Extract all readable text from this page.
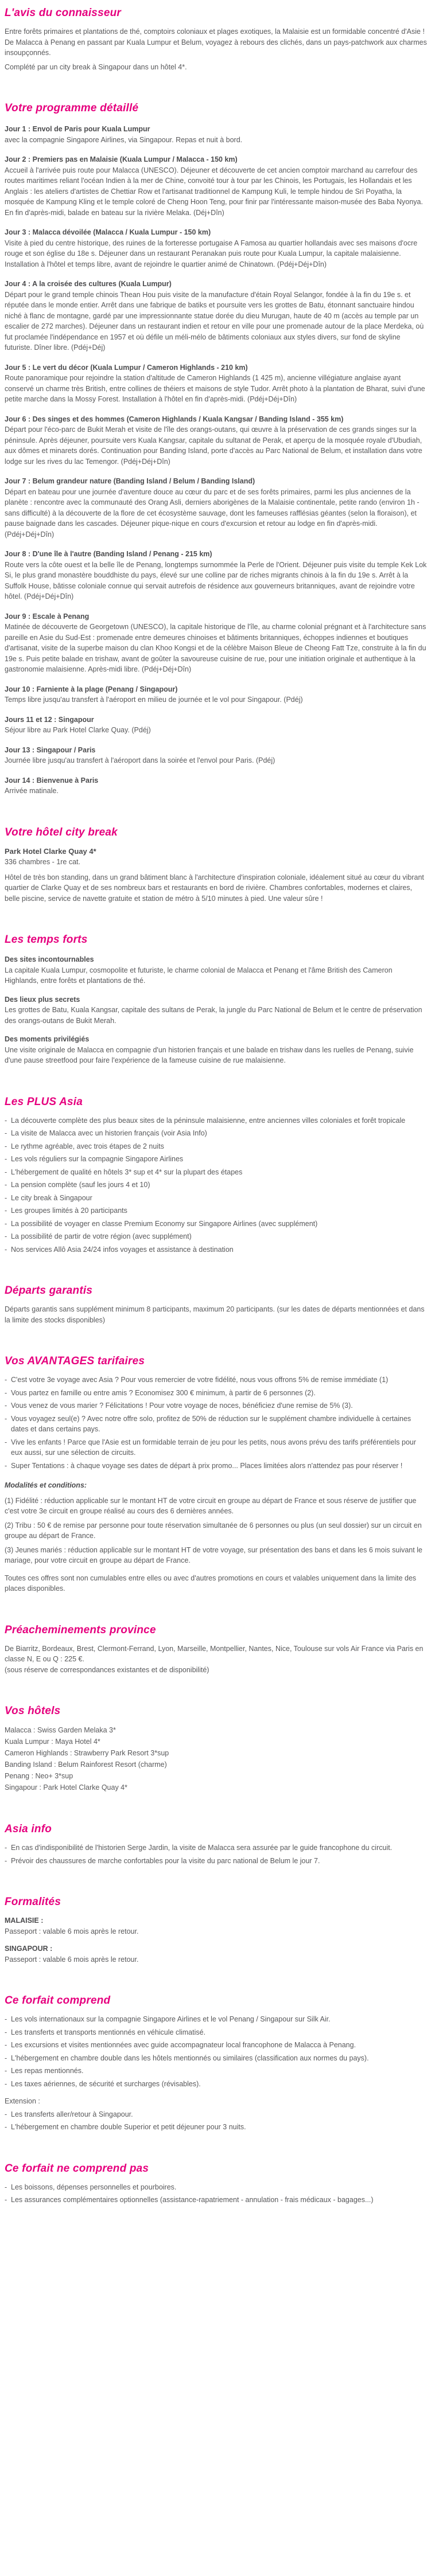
L'avis du connaisseur

Entre forêts primaires et plantations de thé, comptoirs coloniaux et plages exotiques, la Malaisie est un formidable concentré d'Asie ! De Malacca à Penang en passant par Kuala Lumpur et Belum, voyagez à rebours des clichés, dans un pays-patchwork aux charmes insoupçonnés.

Complété par un city break à Singapour dans un hôtel 4*.

Votre programme détaillé

Jour 1 : Envol de Paris pour Kuala Lumpur

avec la compagnie Singapore Airlines, via Singapour. Repas et nuit à bord.

Jour 2 : Premiers pas en Malaisie (Kuala Lumpur / Malacca - 150 km)

Accueil à l'arrivée puis route pour Malacca (UNESCO). Déjeuner et découverte de cet ancien comptoir marchand au carrefour des routes maritimes reliant l'océan Indien à la mer de Chine, convoité tour à tour par les Chinois, les Portugais, les Hollandais et les Anglais : les ateliers d'artistes de Chettiar Row et l'artisanat traditionnel de Kampung Kuli, le temple hindou de Sri Poyatha, la mosquée de Kampung Kling et le temple coloré de Cheng Hoon Teng, pour finir par l'intéressante maison-musée des Baba Nyonya. En fin d'après-midi, balade en bateau sur la rivière Melaka. (Déj+Dîn)

Jour 3 : Malacca dévoilée (Malacca / Kuala Lumpur - 150 km)

Visite à pied du centre historique, des ruines de la forteresse portugaise A Famosa au quartier hollandais avec ses maisons d'ocre rouge et son église du 18e s. Déjeuner dans un restaurant Peranakan puis route pour Kuala Lumpur, la capitale malaisienne. Installation à l'hôtel et temps libre, avant de rejoindre le quartier animé de Chinatown. (Pdéj+Déj+Dîn)

Jour 4 : A la croisée des cultures (Kuala Lumpur)

Départ pour le grand temple chinois Thean Hou puis visite de la manufacture d'étain Royal Selangor, fondée à la fin du 19e s. et réputée dans le monde entier. Arrêt dans une fabrique de batiks et poursuite vers les grottes de Batu, étonnant sanctuaire hindou niché à flanc de montagne, gardé par une impressionnante statue dorée du dieu Murugan, haute de 40 m (accès au temple par un escalier de 272 marches). Déjeuner dans un restaurant indien et retour en ville pour une promenade autour de la place Merdeka, où fut proclamée l'indépendance en 1957 et où défile un méli-mélo de bâtiments coloniaux aux styles divers, sur fond de skyline futuriste. Dîner libre. (Pdéj+Déj)

Jour 5 : Le vert du décor (Kuala Lumpur / Cameron Highlands - 210 km)

Route panoramique pour rejoindre la station d'altitude de Cameron Highlands (1 425 m), ancienne villégiature anglaise ayant conservé un charme très British, entre collines de théiers et maisons de style Tudor. Arrêt photo à la plantation de Bharat, suivi d'une petite marche dans la Mossy Forest. Installation à l'hôtel en fin d'après-midi. (Pdéj+Déj+Dîn)

Jour 6 : Des singes et des hommes (Cameron Highlands / Kuala Kangsar / Banding Island - 355 km)

Départ pour l'éco-parc de Bukit Merah et visite de l'île des orangs-outans, qui œuvre à la préservation de ces grands singes sur la péninsule. Après déjeuner, poursuite vers Kuala Kangsar, capitale du sultanat de Perak, et aperçu de la mosquée royale d'Ubudiah, aux dômes et minarets dorés. Continuation pour Banding Island, porte d'accès au Parc National de Belum, et installation dans votre lodge sur les rives du lac Temengor. (Pdéj+Déj+Dîn)

Jour 7 : Belum grandeur nature (Banding Island / Belum / Banding Island)

Départ en bateau pour une journée d'aventure douce au cœur du parc et de ses forêts primaires, parmi les plus anciennes de la planète : rencontre avec la communauté des Orang Asli, derniers aborigènes de la Malaisie continentale, petite rando (environ 1h - sans difficulté) à la découverte de la flore de cet écosystème sauvage, dont les fameuses rafflésias géantes (selon la floraison), et pause baignade dans les cascades. Déjeuner pique-nique en cours d'excursion et retour au lodge en fin d'après-midi. (Pdéj+Déj+Dîn)

Jour 8 : D'une île à l'autre (Banding Island / Penang - 215 km)

Route vers la côte ouest et la belle île de Penang, longtemps surnommée la Perle de l'Orient. Déjeuner puis visite du temple Kek Lok Si, le plus grand monastère bouddhiste du pays, élevé sur une colline par de riches migrants chinois à la fin du 19e s. Arrêt à la Suffolk House, bâtisse coloniale connue qui servait autrefois de résidence aux gouverneurs britanniques, avant de rejoindre votre hôtel. (Pdéj+Déj+Dîn)

Jour 9 : Escale à Penang

Matinée de découverte de Georgetown (UNESCO), la capitale historique de l'île, au charme colonial prégnant et à l'architecture sans pareille en Asie du Sud-Est : promenade entre demeures chinoises et bâtiments britanniques, échoppes indiennes et boutiques d'artisanat, visite de la superbe maison du clan Khoo Kongsi et de la célèbre Maison Bleue de Cheong Fatt Tze, construite à la fin du 19e s. Puis petite balade en trishaw, avant de goûter la savoureuse cuisine de rue, pour une initiation originale et authentique à la gastronomie malaisienne. Après-midi libre. (Pdéj+Déj+Dîn)

Jour 10 : Farniente à la plage (Penang / Singapour)

Temps libre jusqu'au transfert à l'aéroport en milieu de journée et le vol pour Singapour. (Pdéj)

Jours 11 et 12 : Singapour

Séjour libre au Park Hotel Clarke Quay. (Pdéj)

Jour 13 : Singapour / Paris

Journée libre jusqu'au transfert à l'aéroport dans la soirée et l'envol pour Paris. (Pdéj)

Jour 14 : Bienvenue à Paris

Arrivée matinale.

Votre hôtel city break

Park Hotel Clarke Quay 4*

336 chambres - 1re cat.

Hôtel de très bon standing, dans un grand bâtiment blanc à l'architecture d'inspiration coloniale, idéalement situé au cœur du vibrant quartier de Clarke Quay et de ses nombreux bars et restaurants en bord de rivière. Chambres confortables, modernes et claires, belle piscine, service de navette gratuite et station de métro à 5/10 minutes à pied. Une valeur sûre !

Les temps forts

Des sites incontournables

La capitale Kuala Lumpur, cosmopolite et futuriste, le charme colonial de Malacca et Penang et l'âme British des Cameron Highlands, entre forêts et plantations de thé.

Des lieux plus secrets

Les grottes de Batu, Kuala Kangsar, capitale des sultans de Perak, la jungle du Parc National de Belum et le centre de préservation des orangs-outans de Bukit Merah.

Des moments privilégiés

Une visite originale de Malacca en compagnie d'un historien français et une balade en trishaw dans les ruelles de Penang, suivie d'une pause streetfood pour faire l'expérience de la fameuse cuisine de rue malaisienne.

Les PLUS Asia
- La découverte complète des plus beaux sites de la péninsule malaisienne, entre anciennes villes coloniales et forêt tropicale
- La visite de Malacca avec un historien français (voir Asia Info)
- Le rythme agréable, avec trois étapes de 2 nuits
- Les vols réguliers sur la compagnie Singapore Airlines
- L'hébergement de qualité en hôtels 3* sup et 4* sur la plupart des étapes
- La pension complète (sauf les jours 4 et 10)
- Le city break à Singapour
- Les groupes limités à 20 participants
- La possibilité de voyager en classe Premium Economy sur Singapore Airlines (avec supplément)
- La possibilité de partir de votre région (avec supplément)
- Nos services Allô Asia 24/24 infos voyages et assistance à destination
Départs garantis

Départs garantis sans supplément minimum 8 participants, maximum 20 participants. (sur les dates de départs mentionnées et dans la limite des stocks disponibles)

Vos AVANTAGES tarifaires
- C'est votre 3e voyage avec Asia ? Pour vous remercier de votre fidélité, nous vous offrons 5% de remise immédiate (1)
- Vous partez en famille ou entre amis ? Economisez 300 € minimum, à partir de 6 personnes (2).
- Vous venez de vous marier ? Félicitations ! Pour votre voyage de noces, bénéficiez d'une remise de 5% (3).
- Vous voyagez seul(e) ? Avec notre offre solo, profitez de 50% de réduction sur le supplément chambre individuelle à certaines dates et dans certains pays.
- Vive les enfants ! Parce que l'Asie est un formidable terrain de jeu pour les petits, nous avons prévu des tarifs préférentiels pour eux aussi, sur une sélection de circuits.
- Super Tentations : à chaque voyage ses dates de départ à prix promo... Places limitées alors n'attendez pas pour réserver !

Modalités et conditions:

(1) Fidélité : réduction applicable sur le montant HT de votre circuit en groupe au départ de France et sous réserve de justifier que c'est votre 3e circuit en groupe réalisé au cours des 6 dernières années.

(2) Tribu : 50 € de remise par personne pour toute réservation simultanée de 6 personnes ou plus (un seul dossier) sur un circuit en groupe au départ de France.

(3) Jeunes mariés : réduction applicable sur le montant HT de votre voyage, sur présentation des bans et dans les 6 mois suivant le mariage, pour votre circuit en groupe au départ de France.

Toutes ces offres sont non cumulables entre elles ou avec d'autres promotions en cours et valables uniquement dans la limite des places disponibles.

Préacheminements province

De Biarritz, Bordeaux, Brest, Clermont-Ferrand, Lyon, Marseille, Montpellier, Nantes, Nice, Toulouse sur vols Air France via Paris en classe N, E ou Q : 225 €.

(sous réserve de correspondances existantes et de disponibilité)

Vos hôtels
Malacca : Swiss Garden Melaka 3*
Kuala Lumpur : Maya Hotel 4*
Cameron Highlands : Strawberry Park Resort 3*sup
Banding Island : Belum Rainforest Resort (charme)
Penang : Neo+ 3*sup
Singapour : Park Hotel Clarke Quay 4*
Asia info
- En cas d'indisponibilité de l'historien Serge Jardin, la visite de Malacca sera assurée par le guide francophone du circuit.
- Prévoir des chaussures de marche confortables pour la visite du parc national de Belum le jour 7.
Formalités

MALAISIE :

Passeport : valable 6 mois après le retour.

SINGAPOUR :

Passeport : valable 6 mois après le retour.

Ce forfait comprend
- Les vols internationaux sur la compagnie Singapore Airlines et le vol Penang / Singapour sur Silk Air.
- Les transferts et transports mentionnés en véhicule climatisé.
- Les excursions et visites mentionnées avec guide accompagnateur local francophone de Malacca à Penang.
- L'hébergement en chambre double dans les hôtels mentionnés ou similaires (classification aux normes du pays).
- Les repas mentionnés.
- Les taxes aériennes, de sécurité et surcharges (révisables).

Extension :

- Les transferts aller/retour à Singapour.
- L'hébergement en chambre double Superior et petit déjeuner pour 3 nuits.
Ce forfait ne comprend pas
- Les boissons, dépenses personnelles et pourboires.
- Les assurances complémentaires optionnelles (assistance-rapatriement - annulation - frais médicaux - bagages...)
